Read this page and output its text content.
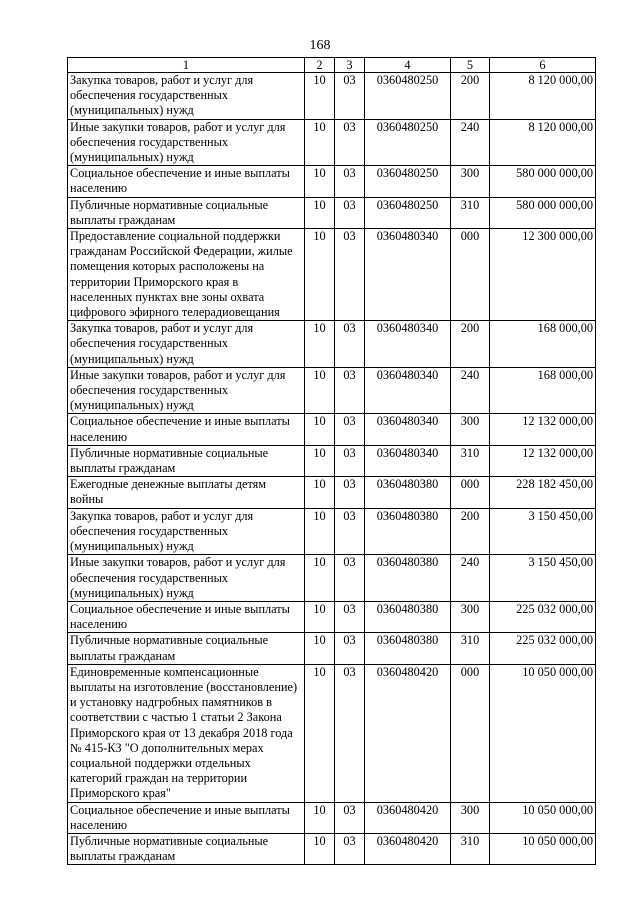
168
1	2	3	4	5	6
Закупка товаров, работ и услуг для обеспечения государственных (муниципальных) нужд	10	03	0360480250	200	8 120 000,00
Иные закупки товаров, работ и услуг для обеспечения государственных (муниципальных) нужд	10	03	0360480250	240	8 120 000,00
Социальное обеспечение и иные выплаты населению	10	03	0360480250	300	580 000 000,00
Публичные нормативные социальные выплаты гражданам	10	03	0360480250	310	580 000 000,00
Предоставление социальной поддержки гражданам Российской Федерации, жилые помещения которых расположены на территории Приморского края в населенных пунктах вне зоны охвата цифрового эфирного телерадиовещания	10	03	0360480340	000	12 300 000,00
Закупка товаров, работ и услуг для обеспечения государственных (муниципальных) нужд	10	03	0360480340	200	168 000,00
Иные закупки товаров, работ и услуг для обеспечения государственных (муниципальных) нужд	10	03	0360480340	240	168 000,00
Социальное обеспечение и иные выплаты населению	10	03	0360480340	300	12 132 000,00
Публичные нормативные социальные выплаты гражданам	10	03	0360480340	310	12 132 000,00
Ежегодные денежные выплаты детям войны	10	03	0360480380	000	228 182 450,00
Закупка товаров, работ и услуг для обеспечения государственных (муниципальных) нужд	10	03	0360480380	200	3 150 450,00
Иные закупки товаров, работ и услуг для обеспечения государственных (муниципальных) нужд	10	03	0360480380	240	3 150 450,00
Социальное обеспечение и иные выплаты населению	10	03	0360480380	300	225 032 000,00
Публичные нормативные социальные выплаты гражданам	10	03	0360480380	310	225 032 000,00
Единовременные компенсационные выплаты на изготовление (восстановление) и установку надгробных памятников в соответствии с частью 1 статьи 2 Закона Приморского края от 13 декабря 2018 года № 415-КЗ "О дополнительных мерах социальной поддержки отдельных категорий граждан на территории Приморского края"	10	03	0360480420	000	10 050 000,00
Социальное обеспечение и иные выплаты населению	10	03	0360480420	300	10 050 000,00
Публичные нормативные социальные выплаты гражданам	10	03	0360480420	310	10 050 000,00
